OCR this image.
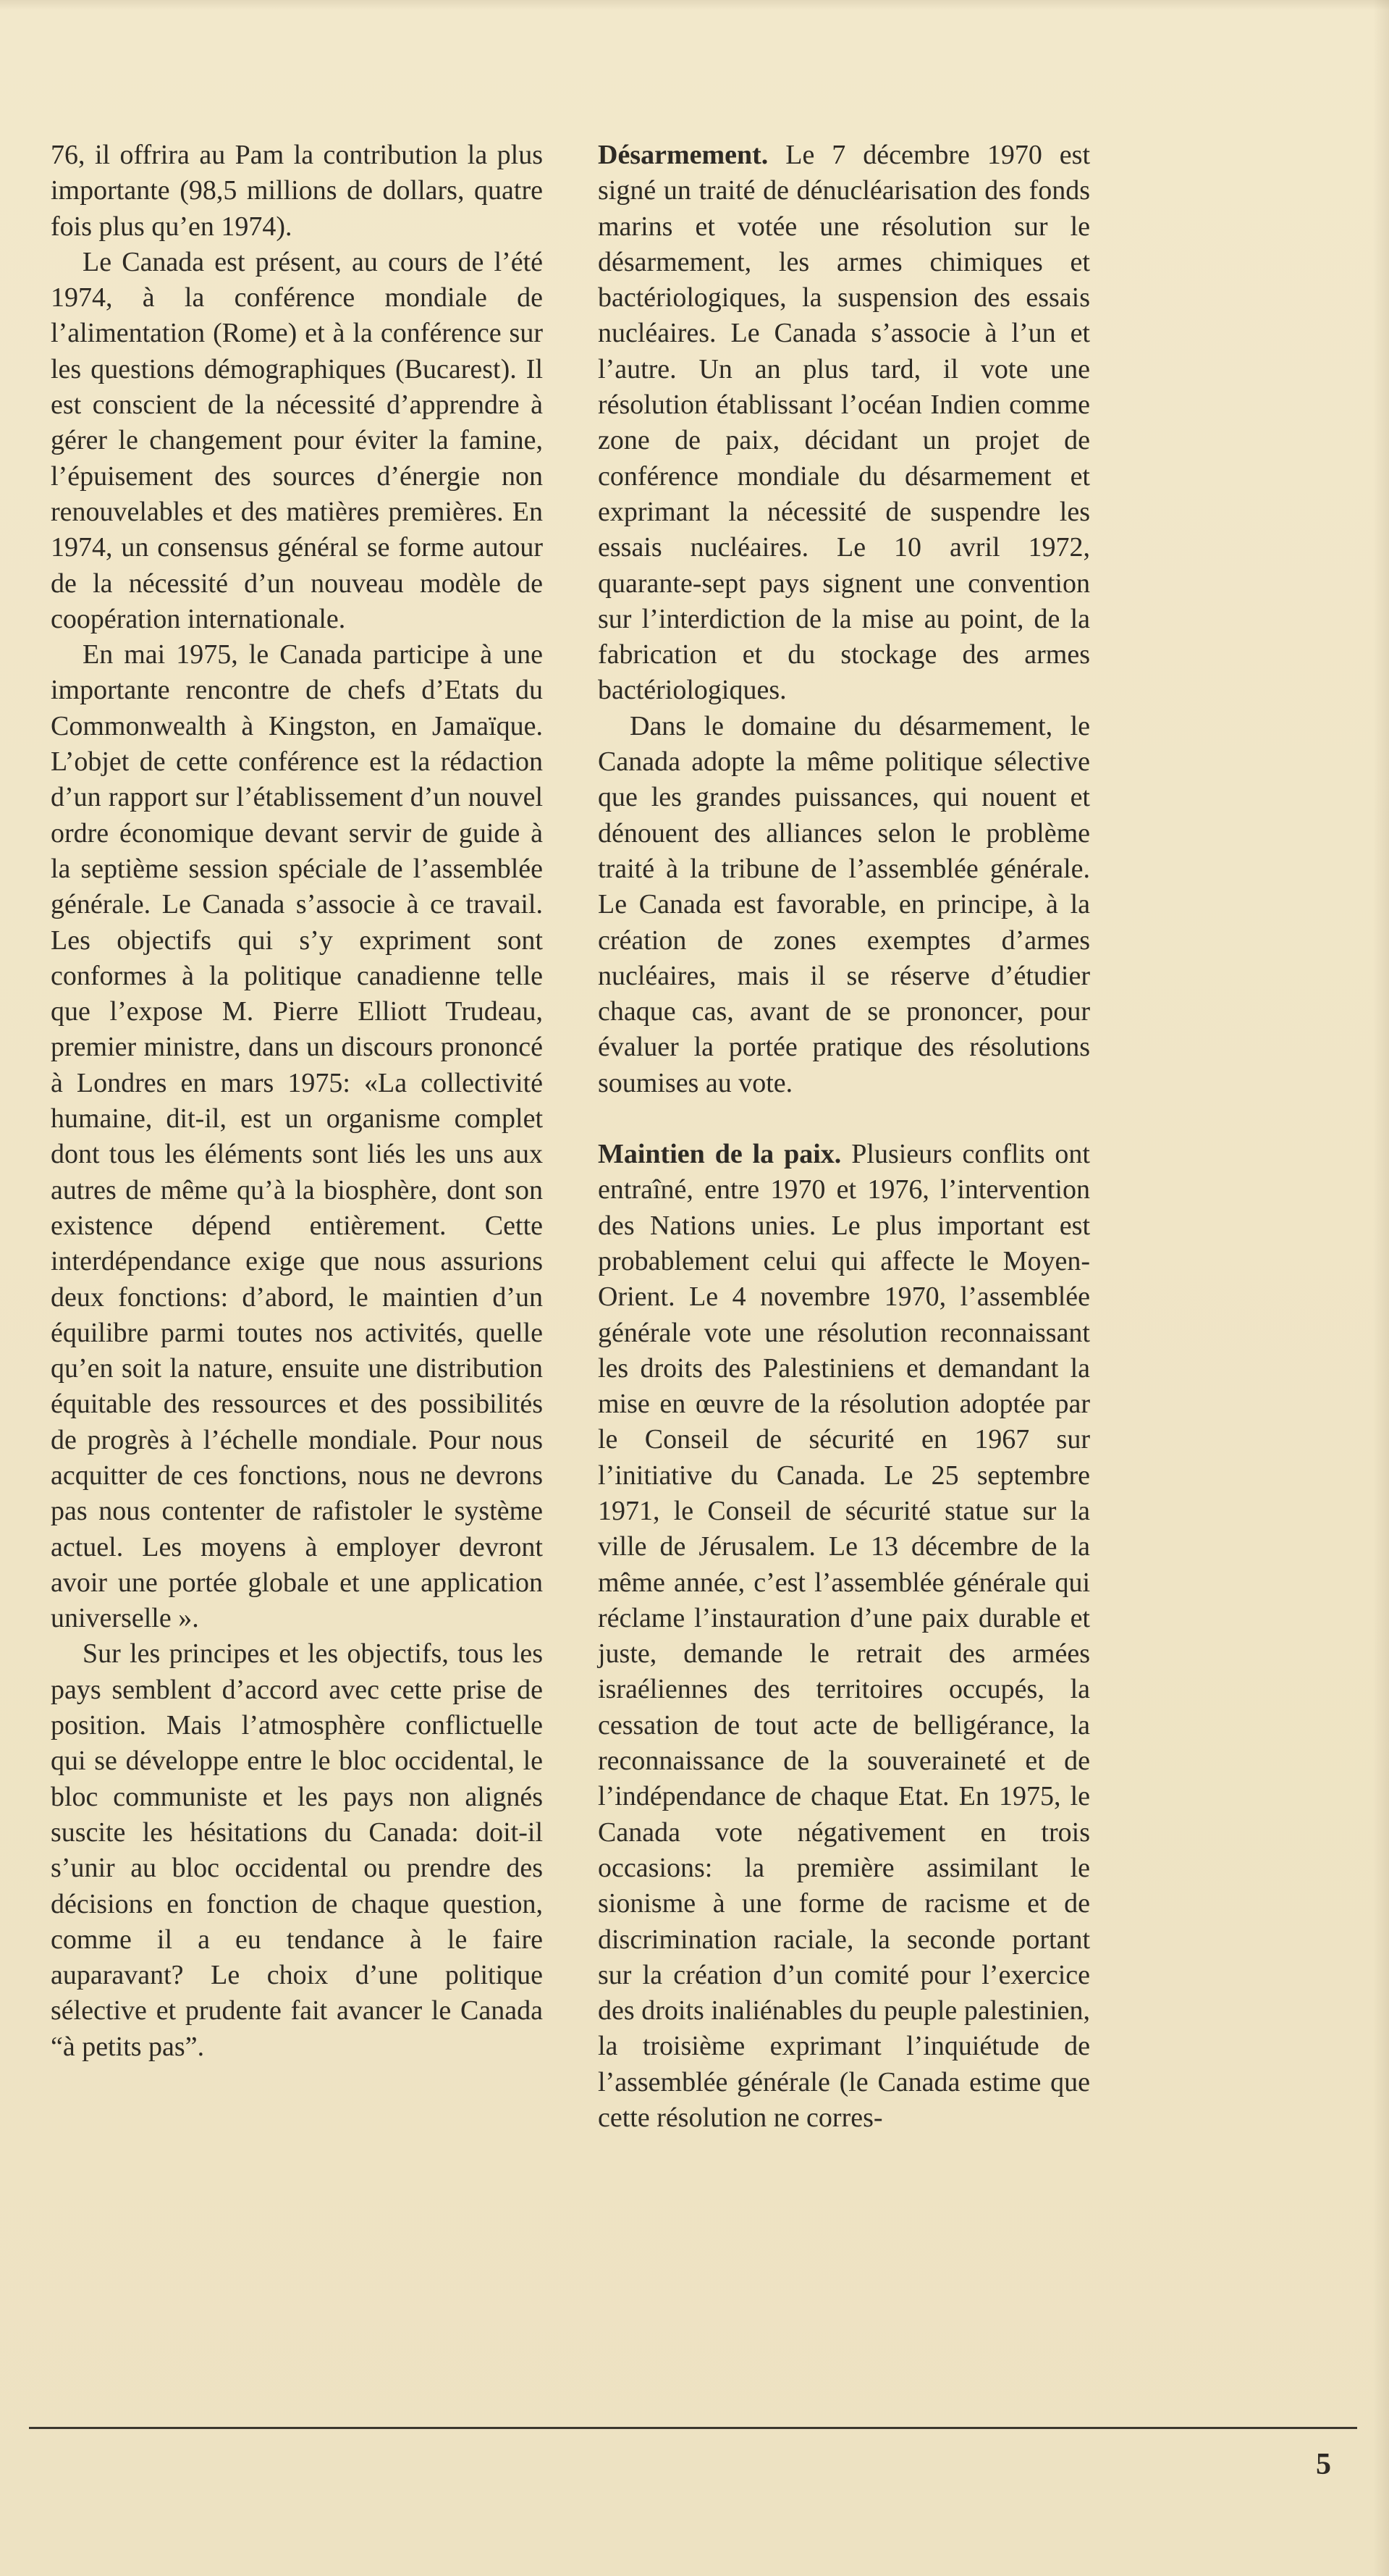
76, il offrira au Pam la contribution la plus importante (98,5 millions de dollars, quatre fois plus qu’en 1974).

Le Canada est présent, au cours de l’été 1974, à la conférence mondiale de l’alimentation (Rome) et à la conférence sur les questions démographiques (Bucarest). Il est conscient de la nécessité d’apprendre à gérer le changement pour éviter la famine, l’épuisement des sources d’énergie non renouvelables et des matières premières. En 1974, un consensus général se forme autour de la nécessité d’un nouveau modèle de coopération internationale.

En mai 1975, le Canada participe à une importante rencontre de chefs d’Etats du Commonwealth à Kingston, en Jamaïque. L’objet de cette conférence est la rédaction d’un rapport sur l’établissement d’un nouvel ordre économique devant servir de guide à la septième session spéciale de l’assemblée générale. Le Canada s’associe à ce travail. Les objectifs qui s’y expriment sont conformes à la politique canadienne telle que l’expose M. Pierre Elliott Trudeau, premier ministre, dans un discours prononcé à Londres en mars 1975: «La collectivité humaine, dit-il, est un organisme complet dont tous les éléments sont liés les uns aux autres de même qu’à la biosphère, dont son existence dépend entièrement. Cette interdépendance exige que nous assurions deux fonctions: d’abord, le maintien d’un équilibre parmi toutes nos activités, quelle qu’en soit la nature, ensuite une distribution équitable des ressources et des possibilités de progrès à l’échelle mondiale. Pour nous acquitter de ces fonctions, nous ne devrons pas nous contenter de rafistoler le système actuel. Les moyens à employer devront avoir une portée globale et une application universelle ».

Sur les principes et les objectifs, tous les pays semblent d’accord avec cette prise de position. Mais l’atmosphère conflictuelle qui se développe entre le bloc occidental, le bloc communiste et les pays non alignés suscite les hésitations du Canada: doit-il s’unir au bloc occidental ou prendre des décisions en fonction de chaque question, comme il a eu tendance à le faire auparavant? Le choix d’une politique sélective et prudente fait avancer le Canada “à petits pas”.

Désarmement. Le 7 décembre 1970 est signé un traité de dénucléarisation des fonds marins et votée une résolution sur le désarmement, les armes chimiques et bactériologiques, la suspension des essais nucléaires. Le Canada s’associe à l’un et l’autre. Un an plus tard, il vote une résolution établissant l’océan Indien comme zone de paix, décidant un projet de conférence mondiale du désarmement et exprimant la nécessité de suspendre les essais nucléaires. Le 10 avril 1972, quarante-sept pays signent une convention sur l’interdiction de la mise au point, de la fabrication et du stockage des armes bactériologiques.

Dans le domaine du désarmement, le Canada adopte la même politique sélective que les grandes puissances, qui nouent et dénouent des alliances selon le problème traité à la tribune de l’assemblée générale. Le Canada est favorable, en principe, à la création de zones exemptes d’armes nucléaires, mais il se réserve d’étudier chaque cas, avant de se prononcer, pour évaluer la portée pratique des résolutions soumises au vote.

Maintien de la paix. Plusieurs conflits ont entraîné, entre 1970 et 1976, l’intervention des Nations unies. Le plus important est probablement celui qui affecte le Moyen-Orient. Le 4 novembre 1970, l’assemblée générale vote une résolution reconnaissant les droits des Palestiniens et demandant la mise en œuvre de la résolution adoptée par le Conseil de sécurité en 1967 sur l’initiative du Canada. Le 25 septembre 1971, le Conseil de sécurité statue sur la ville de Jérusalem. Le 13 décembre de la même année, c’est l’assemblée générale qui réclame l’instauration d’une paix durable et juste, demande le retrait des armées israéliennes des territoires occupés, la cessation de tout acte de belligérance, la reconnaissance de la souveraineté et de l’indépendance de chaque Etat. En 1975, le Canada vote négativement en trois occasions: la première assimilant le sionisme à une forme de racisme et de discrimination raciale, la seconde portant sur la création d’un comité pour l’exercice des droits inaliénables du peuple palestinien, la troisième exprimant l’inquiétude de l’assemblée générale (le Canada estime que cette résolution ne corres-

5
